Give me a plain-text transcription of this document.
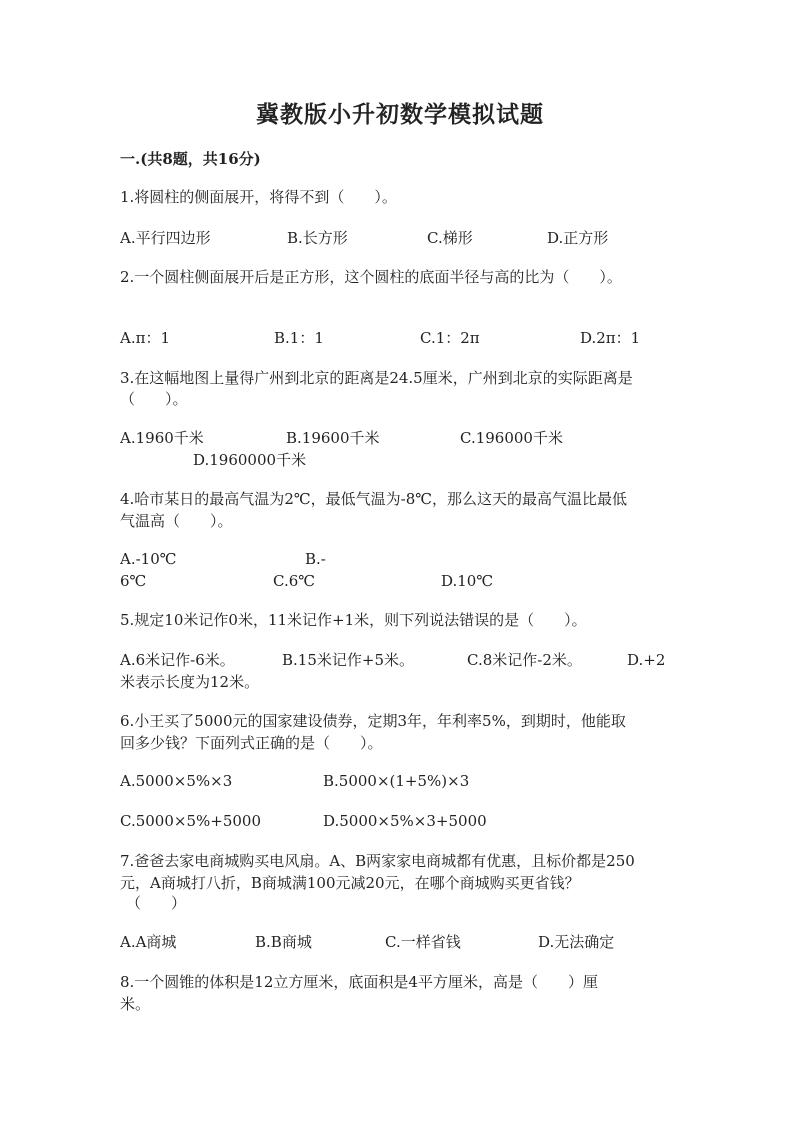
冀教版小升初数学模拟试题
一.(共8题，共16分)
1.将圆柱的侧面展开，将得不到（　　）。
A.平行四边形	B.长方形	C.梯形	D.正方形
2.一个圆柱侧面展开后是正方形，这个圆柱的底面半径与高的比为（　　）。
A.π：1	B.1：1	C.1：2π	D.2π：1
3.在这幅地图上量得广州到北京的距离是24.5厘米，广州到北京的实际距离是
（　　）。
A.1960千米	B.19600千米	C.196000千米
D.1960000千米
4.哈市某日的最高气温为2℃，最低气温为-8℃，那么这天的最高气温比最低
气温高（　　）。
A.-10℃	B.-
6℃	C.6℃	D.10℃
5.规定10米记作0米，11米记作+1米，则下列说法错误的是（　　）。
A.6米记作-6米。	B.15米记作+5米。	C.8米记作-2米。	D.+2
米表示长度为12米。
6.小王买了5000元的国家建设债券，定期3年，年利率5%，到期时，他能取
回多少钱？下面列式正确的是（　　）。
A.5000×5%×3	B.5000×(1+5%)×3
C.5000×5%+5000	D.5000×5%×3+5000
7.爸爸去家电商城购买电风扇。A、B两家家电商城都有优惠，且标价都是250
元，A商城打八折，B商城满100元减20元，在哪个商城购买更省钱？
（　　）
A.A商城	B.B商城	C.一样省钱	D.无法确定
8.一个圆锥的体积是12立方厘米，底面积是4平方厘米，高是（　　）厘
米。
